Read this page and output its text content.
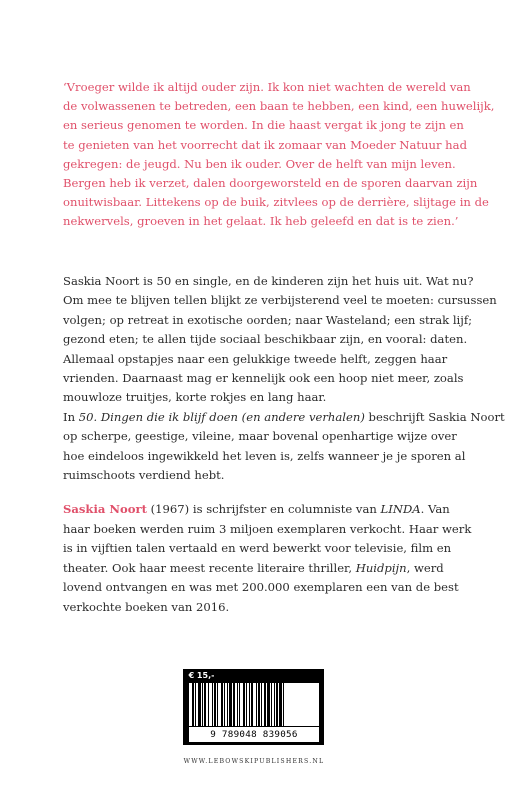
‘Vroeger wilde ik altijd ouder zijn. Ik kon niet wachten de wereld van
de volwassenen te betreden, een baan te hebben, een kind, een huwelijk,
en serieus genomen te worden. In die haast vergat ik jong te zijn en
te genieten van het voorrecht dat ik zomaar van Moeder Natuur had
gekregen: de jeugd. Nu ben ik ouder. Over de helft van mijn leven.
Bergen heb ik verzet, dalen doorgeworsteld en de sporen daarvan zijn
onuitwisbaar. Littekens op de buik, zitvlees op de derrière, slijtage in de
nekwervels, groeven in het gelaat. Ik heb geleefd en dat is te zien.’
Saskia Noort is 50 en single, en de kinderen zijn het huis uit. Wat nu?
Om mee te blijven tellen blijkt ze verbijsterend veel te moeten: cursussen
volgen; op retreat in exotische oorden; naar Wasteland; een strak lijf;
gezond eten; te allen tijde sociaal beschikbaar zijn, en vooral: daten.
Allemaal opstapjes naar een gelukkige tweede helft, zeggen haar
vrienden. Daarnaast mag er kennelijk ook een hoop niet meer, zoals
mouwloze truitjes, korte rokjes en lang haar.
In 50. Dingen die ik blijf doen (en andere verhalen) beschrijft Saskia Noort
op scherpe, geestige, vileine, maar bovenal openhartige wijze over
hoe eindeloos ingewikkeld het leven is, zelfs wanneer je je sporen al
ruimschoots verdiend hebt.
Saskia Noort (1967) is schrijfster en columniste van LINDA. Van
haar boeken werden ruim 3 miljoen exemplaren verkocht. Haar werk
is in vijftien talen vertaald en werd bewerkt voor televisie, film en
theater. Ook haar meest recente literaire thriller, Huidpijn, werd
lovend ontvangen en was met 200.000 exemplaren een van de best
verkochte boeken van 2016.
€ 15,-
9 789048 839056
WWW.LEBOWSKIPUBLISHERS.NL
